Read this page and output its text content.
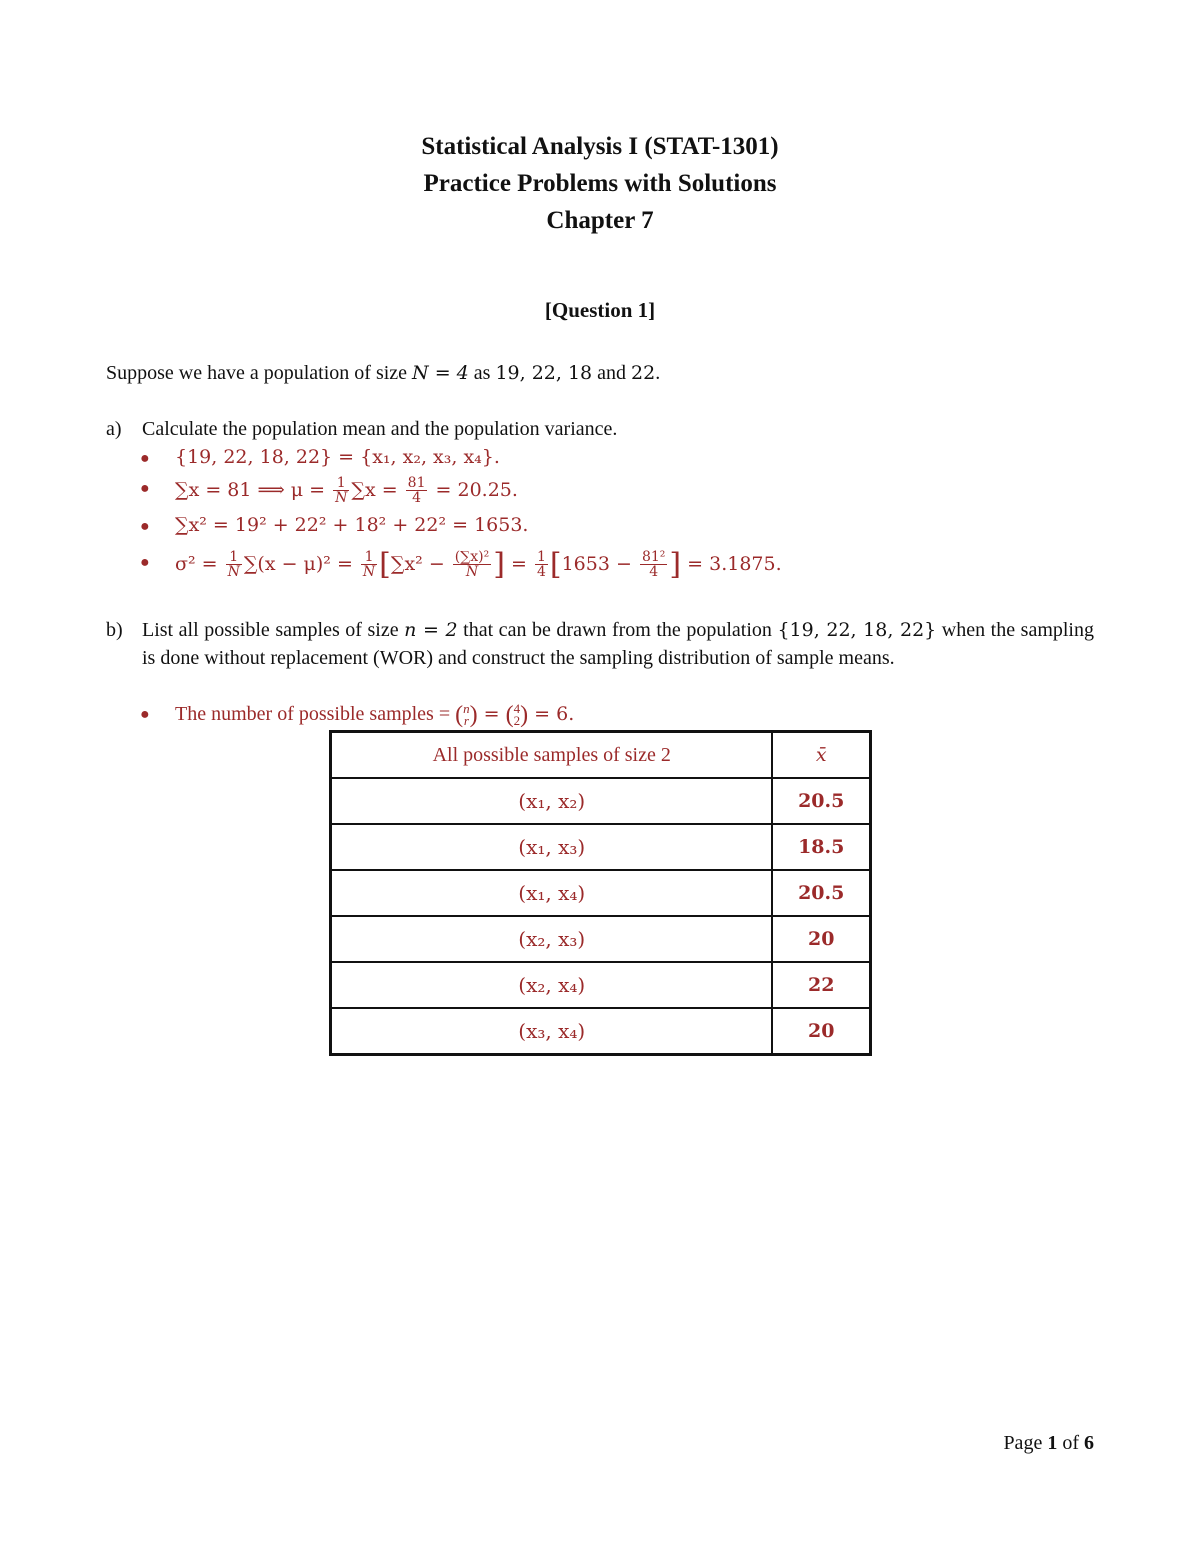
Statistical Analysis I (STAT-1301)
Practice Problems with Solutions
Chapter 7
[Question 1]
Suppose we have a population of size N = 4 as 19, 22, 18 and 22.
a) Calculate the population mean and the population variance.
● {19, 22, 18, 22} = {x₁, x₂, x₃, x₄}.
● ∑x = 81 ⟹ $\mu = \frac{1}{N} \sum x = \frac{81}{4} = 20.25$.
● ∑x² = 19² + 22² + 18² + 22² = 1653.
● $\sigma^2 = \frac{1}{N} \sum(x - \mu)^2 = \frac{1}{N} [\sum x^2 - \frac{\text{(∑x)²}}{N}$ ] = $\frac{1}{4} [1653 - \frac{\text{81²}}{4}$ ] = 3.1875.
b) List all possible samples of size n = 2 that can be drawn from the population {19, 22, 18, 22} when the sampling is done without replacement (WOR) and construct the sampling distribution of sample means.
● The number of possible samples = ( n
r ) = ( 4
2 ) = 6.
All possible samples of size 2	x̄
(x₁, x₂)	20.5
(x₁, x₃)	18.5
(x₁, x₄)	20.5
(x₂, x₃)	20
(x₂, x₄)	22
(x₃, x₄)	20
Page 1 of 6
